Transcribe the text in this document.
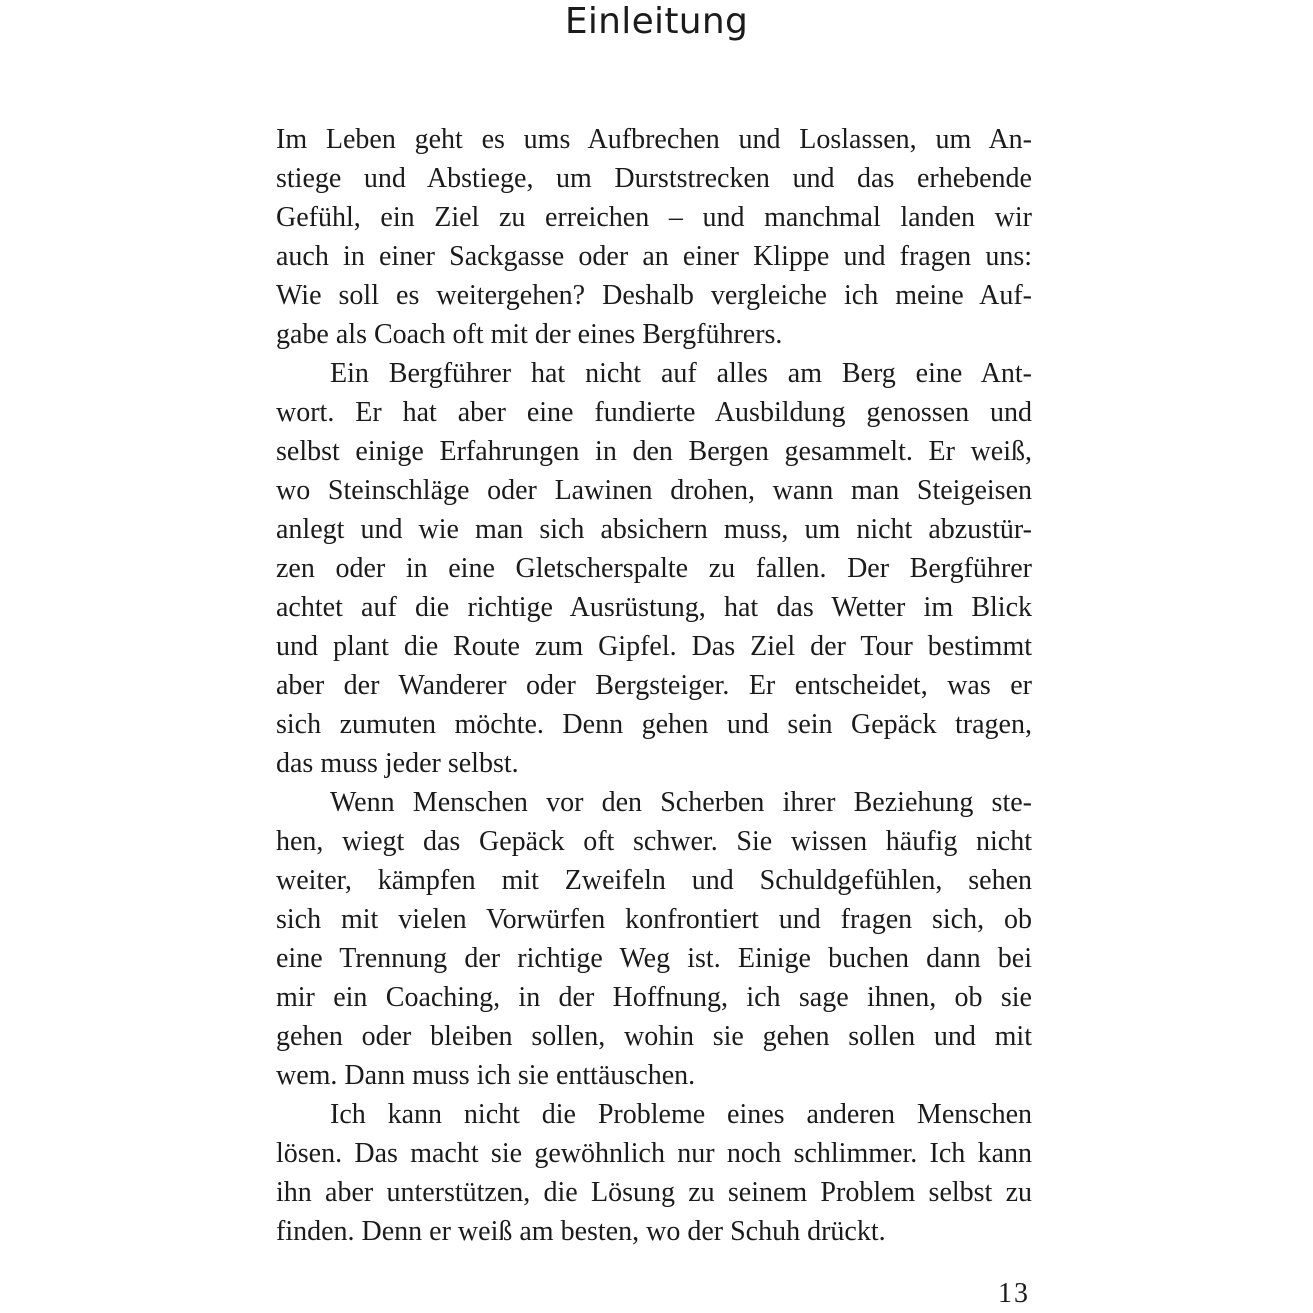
Einleitung

Im Leben geht es ums Aufbrechen und Loslassen, um An-
stiege und Abstiege, um Durststrecken und das erhebende
Gefühl, ein Ziel zu erreichen – und manchmal landen wir
auch in einer Sackgasse oder an einer Klippe und fragen uns:
Wie soll es weitergehen? Deshalb vergleiche ich meine Auf-
gabe als Coach oft mit der eines Bergführers.

Ein Bergführer hat nicht auf alles am Berg eine Ant-
wort. Er hat aber eine fundierte Ausbildung genossen und
selbst einige Erfahrungen in den Bergen gesammelt. Er weiß,
wo Steinschläge oder Lawinen drohen, wann man Steigeisen
anlegt und wie man sich absichern muss, um nicht abzustür-
zen oder in eine Gletscherspalte zu fallen. Der Bergführer
achtet auf die richtige Ausrüstung, hat das Wetter im Blick
und plant die Route zum Gipfel. Das Ziel der Tour bestimmt
aber der Wanderer oder Bergsteiger. Er entscheidet, was er
sich zumuten möchte. Denn gehen und sein Gepäck tragen,
das muss jeder selbst.

Wenn Menschen vor den Scherben ihrer Beziehung ste-
hen, wiegt das Gepäck oft schwer. Sie wissen häufig nicht
weiter, kämpfen mit Zweifeln und Schuldgefühlen, sehen
sich mit vielen Vorwürfen konfrontiert und fragen sich, ob
eine Trennung der richtige Weg ist. Einige buchen dann bei
mir ein Coaching, in der Hoffnung, ich sage ihnen, ob sie
gehen oder bleiben sollen, wohin sie gehen sollen und mit
wem. Dann muss ich sie enttäuschen.

Ich kann nicht die Probleme eines anderen Menschen
lösen. Das macht sie gewöhnlich nur noch schlimmer. Ich kann
ihn aber unterstützen, die Lösung zu seinem Problem selbst zu
finden. Denn er weiß am besten, wo der Schuh drückt.

13
